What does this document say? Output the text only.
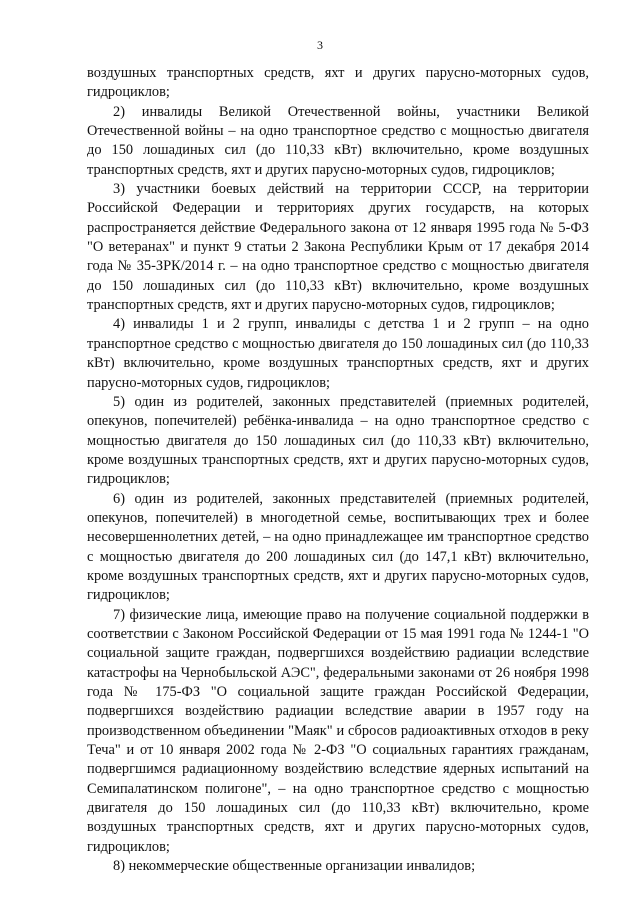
3

воздушных транспортных средств, яхт и других парусно-моторных судов, гидроциклов;

2) инвалиды Великой Отечественной войны, участники Великой Отечественной войны – на одно транспортное средство с мощностью двигателя до 150 лошадиных сил (до 110,33 кВт) включительно, кроме воздушных транспортных средств, яхт и других парусно-моторных судов, гидроциклов;

3) участники боевых действий на территории СССР, на территории Российской Федерации и территориях других государств, на которых распространяется действие Федерального закона от 12 января 1995 года № 5-ФЗ "О ветеранах" и пункт 9 статьи 2 Закона Республики Крым от 17 декабря 2014 года № 35-ЗРК/2014 г. – на одно транспортное средство с мощностью двигателя до 150 лошадиных сил (до 110,33 кВт) включительно, кроме воздушных транспортных средств, яхт и других парусно-моторных судов, гидроциклов;

4) инвалиды 1 и 2 групп, инвалиды с детства 1 и 2 групп – на одно транспортное средство с мощностью двигателя до 150 лошадиных сил (до 110,33 кВт) включительно, кроме воздушных транспортных средств, яхт и других парусно-моторных судов, гидроциклов;

5) один из родителей, законных представителей (приемных родителей, опекунов, попечителей) ребёнка-инвалида – на одно транспортное средство с мощностью двигателя до 150 лошадиных сил (до 110,33 кВт) включительно, кроме воздушных транспортных средств, яхт и других парусно-моторных судов, гидроциклов;

6) один из родителей, законных представителей (приемных родителей, опекунов, попечителей) в многодетной семье, воспитывающих трех и более несовершеннолетних детей, – на одно принадлежащее им транспортное средство с мощностью двигателя до 200 лошадиных сил (до 147,1 кВт) включительно, кроме воздушных транспортных средств, яхт и других парусно-моторных судов, гидроциклов;

7) физические лица, имеющие право на получение социальной поддержки в соответствии с Законом Российской Федерации от 15 мая 1991 года № 1244-1 "О социальной защите граждан, подвергшихся воздействию радиации вследствие катастрофы на Чернобыльской АЭС", федеральными законами от 26 ноября 1998 года № 175-ФЗ "О социальной защите граждан Российской Федерации, подвергшихся воздействию радиации вследствие аварии в 1957 году на производственном объединении "Маяк" и сбросов радиоактивных отходов в реку Теча" и от 10 января 2002 года № 2-ФЗ "О социальных гарантиях гражданам, подвергшимся радиационному воздействию вследствие ядерных испытаний на Семипалатинском полигоне", – на одно транспортное средство с мощностью двигателя до 150 лошадиных сил (до 110,33 кВт) включительно, кроме воздушных транспортных средств, яхт и других парусно-моторных судов, гидроциклов;

8) некоммерческие общественные организации инвалидов;
